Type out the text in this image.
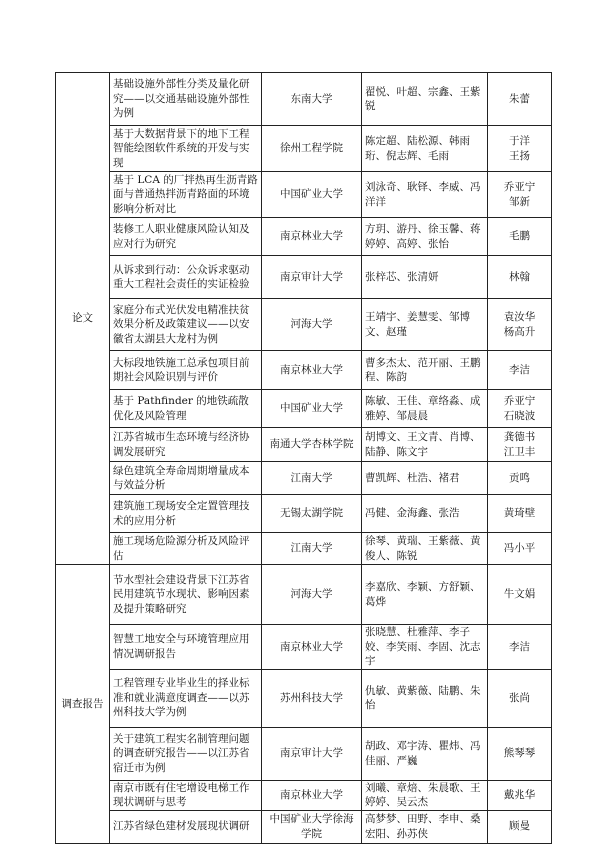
论文	基础设施外部性分类及量化研究——以交通基础设施外部性为例	东南大学	翟悦、叶超、宗鑫、王紫锐	朱蕾

	基于大数据背景下的地下工程智能绘图软件系统的开发与实现	徐州工程学院	陈定超、陆松源、韩雨珩、倪志辉、毛雨	于洋
王扬

	基于 LCA 的厂拌热再生沥青路面与普通热拌沥青路面的环境影响分析对比	中国矿业大学	刘泳奇、耿铎、李威、冯洋洋	乔亚宁
邹新

	装修工人职业健康风险认知及应对行为研究	南京林业大学	方玥、游丹、徐玉馨、蒋婷婷、高婷、张怡	毛鹏

	从诉求到行动：公众诉求驱动重大工程社会责任的实证检验	南京审计大学	张梓芯、张清妍	林翰

	家庭分布式光伏发电精准扶贫效果分析及政策建议——以安徽省太湖县大龙村为例	河海大学	王靖宇、姜慧雯、邹博文、赵瑾	袁汝华
杨高升

	大标段地铁施工总承包项目前期社会风险识别与评价	南京林业大学	曹多杰太、范开丽、王鹏程、陈韵	李洁

	基于 Pathfinder 的地铁疏散优化及风险管理	中国矿业大学	陈敏、王佳、章络淼、成雅婷、邹晨晨	乔亚宁
石晓波

	江苏省城市生态环境与经济协调发展研究	南通大学杏林学院	胡博文、王文青、肖博、陆静、陈文宇	龚德书
江卫丰

	绿色建筑全寿命周期增量成本与效益分析	江南大学	曹凯辉、杜浩、褚君	贡鸣

	建筑施工现场安全定置管理技术的应用分析	无锡太湖学院	冯健、金海鑫、张浩	黄琦壁

	施工现场危险源分析及风险评估	江南大学	徐琴、黄瑞、王紫薇、黄俊人、陈锐	冯小平

调查报告	节水型社会建设背景下江苏省民用建筑节水现状、影响因素及提升策略研究	河海大学	李嘉欣、李颖、方舒颖、葛烨	牛文娟

	智慧工地安全与环境管理应用情况调研报告	南京林业大学	张晓慧、杜雅萍、李子姣、李笑雨、李固、沈志宇	李洁

	工程管理专业毕业生的择业标准和就业满意度调查——以苏州科技大学为例	苏州科技大学	仇敏、黄紫薇、陆鹏、朱怡	张尚

	关于建筑工程实名制管理问题的调查研究报告——以江苏省宿迁市为例	南京审计大学	胡政、邓宇涛、瞿炜、冯佳丽、严巍	熊琴琴

	南京市既有住宅增设电梯工作现状调研与思考	南京林业大学	刘曦、章焙、朱晨歌、王婷婷、吴云杰	戴兆华

	江苏省绿色建材发展现状调研	中国矿业大学徐海学院	高梦梦、田野、李申、桑宏阳、孙苏侠	顾曼
